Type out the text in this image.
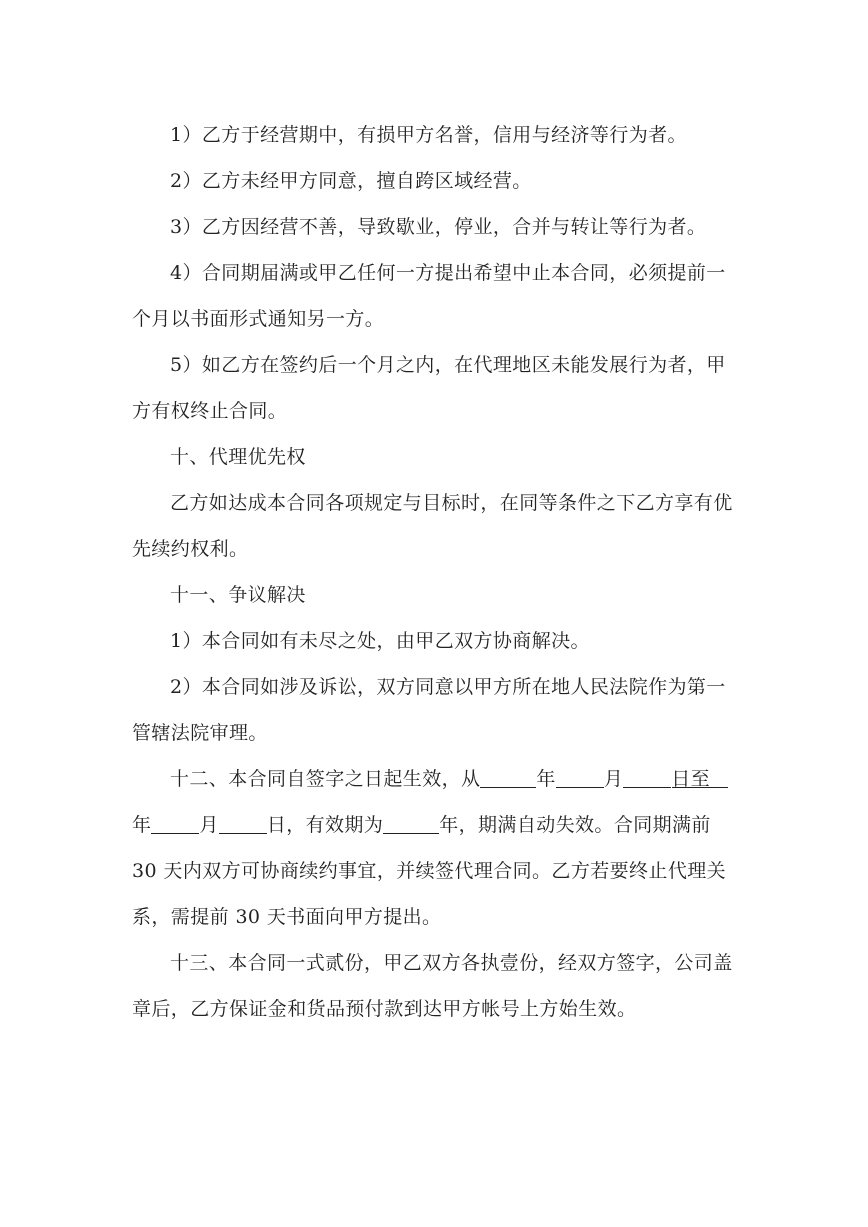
1）乙方于经营期中，有损甲方名誉，信用与经济等行为者。

2）乙方未经甲方同意，擅自跨区域经营。

3）乙方因经营不善，导致歇业，停业，合并与转让等行为者。

4）合同期届满或甲乙任何一方提出希望中止本合同，必须提前一个月以书面形式通知另一方。

5）如乙方在签约后一个月之内，在代理地区未能发展行为者，甲方有权终止合同。

十、代理优先权

乙方如达成本合同各项规定与目标时，在同等条件之下乙方享有优先续约权利。

十一、争议解决

1）本合同如有未尽之处，由甲乙双方协商解决。

2）本合同如涉及诉讼，双方同意以甲方所在地人民法院作为第一管辖法院审理。

十二、本合同自签字之日起生效，从	年	月	日至年	月	日，有效期为	年，期满自动失效。合同期满前 30 天内双方可协商续约事宜，并续签代理合同。乙方若要终止代理关系，需提前 30 天书面向甲方提出。

十三、本合同一式贰份，甲乙双方各执壹份，经双方签字，公司盖章后，乙方保证金和货品预付款到达甲方帐号上方始生效。
